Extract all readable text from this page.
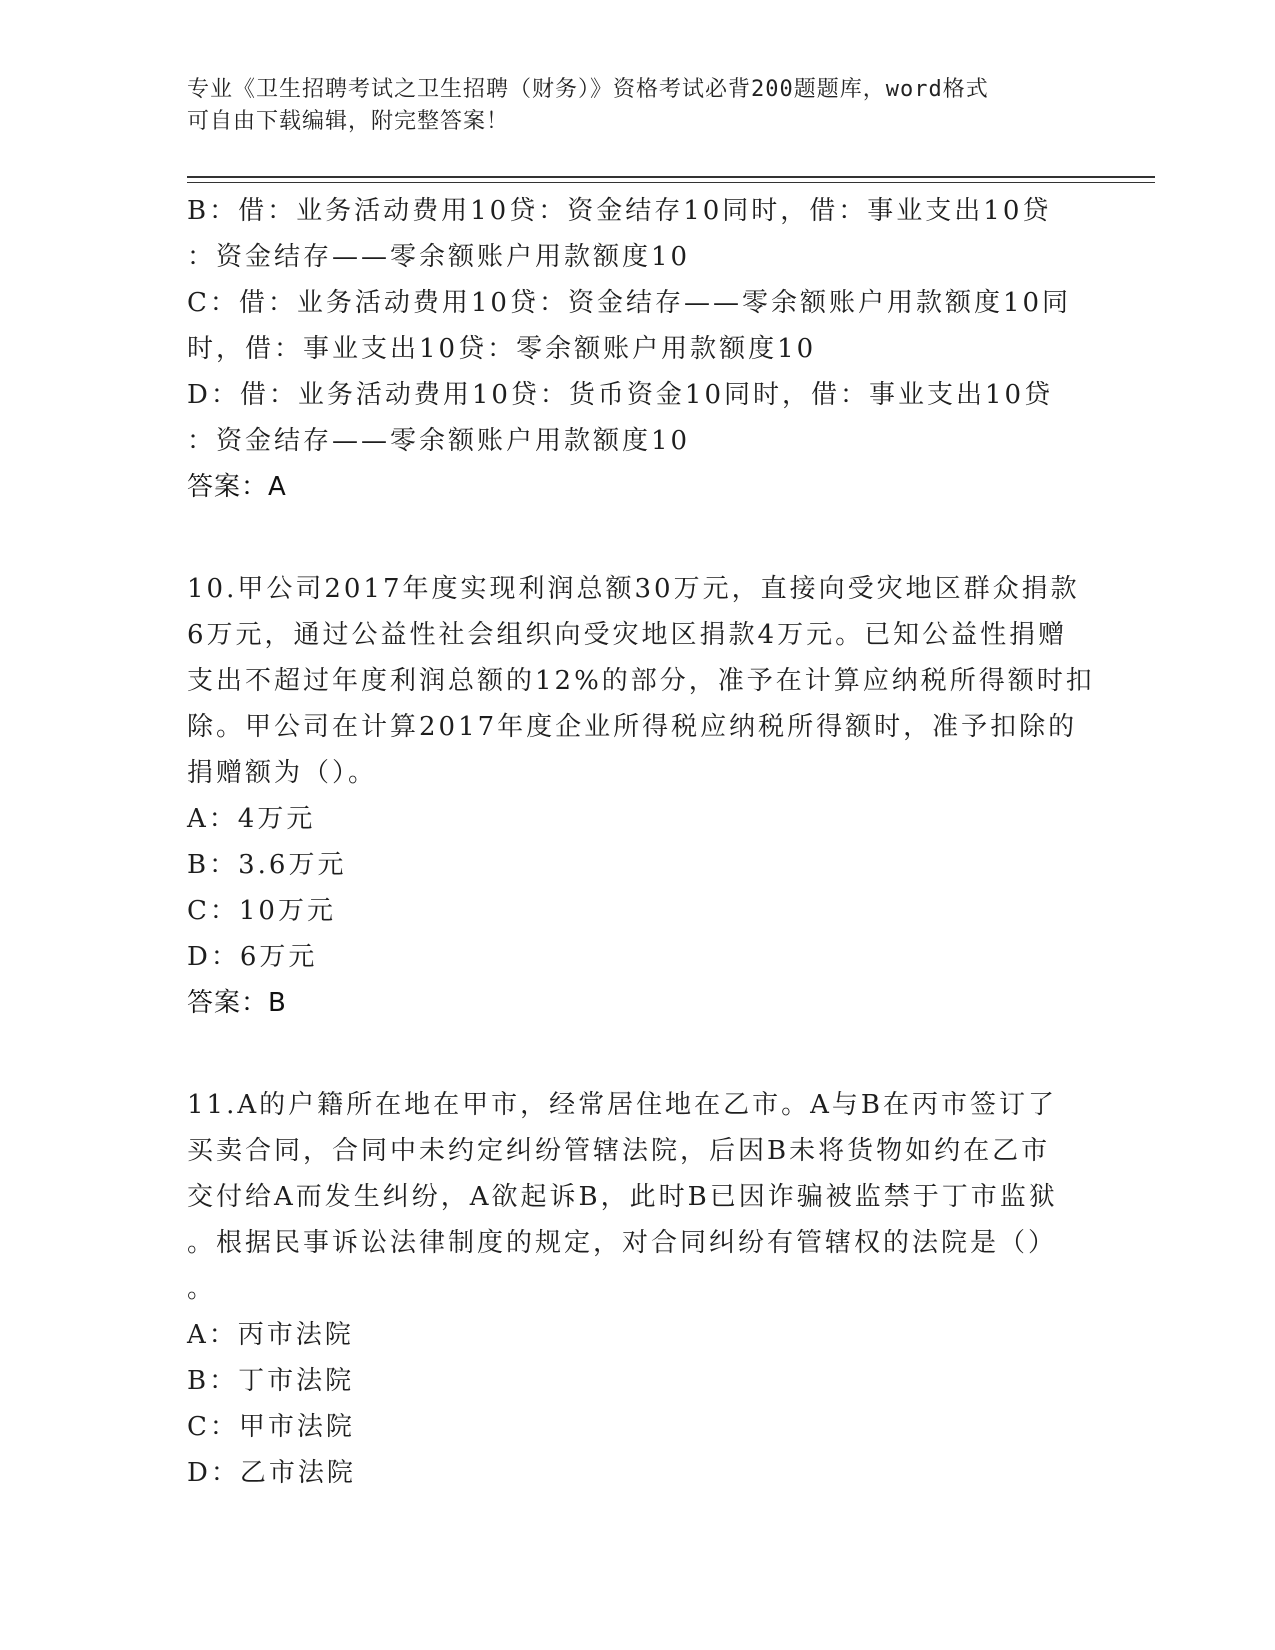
专业《卫生招聘考试之卫生招聘（财务）》资格考试必背200题题库，word格式
可自由下载编辑，附完整答案！
B：借：业务活动费用10贷：资金结存10同时，借：事业支出10贷
：资金结存——零余额账户用款额度10
C：借：业务活动费用10贷：资金结存——零余额账户用款额度10同
时，借：事业支出10贷：零余额账户用款额度10
D：借：业务活动费用10贷：货币资金10同时，借：事业支出10贷
：资金结存——零余额账户用款额度10
答案：A
10.甲公司2017年度实现利润总额30万元，直接向受灾地区群众捐款
6万元，通过公益性社会组织向受灾地区捐款4万元。已知公益性捐赠
支出不超过年度利润总额的12%的部分，准予在计算应纳税所得额时扣
除。甲公司在计算2017年度企业所得税应纳税所得额时，准予扣除的
捐赠额为（）。
A：4万元
B：3.6万元
C：10万元
D：6万元
答案：B
11.A的户籍所在地在甲市，经常居住地在乙市。A与B在丙市签订了
买卖合同，合同中未约定纠纷管辖法院，后因B未将货物如约在乙市
交付给A而发生纠纷，A欲起诉B，此时B已因诈骗被监禁于丁市监狱
。根据民事诉讼法律制度的规定，对合同纠纷有管辖权的法院是（）
。
A：丙市法院
B：丁市法院
C：甲市法院
D：乙市法院
